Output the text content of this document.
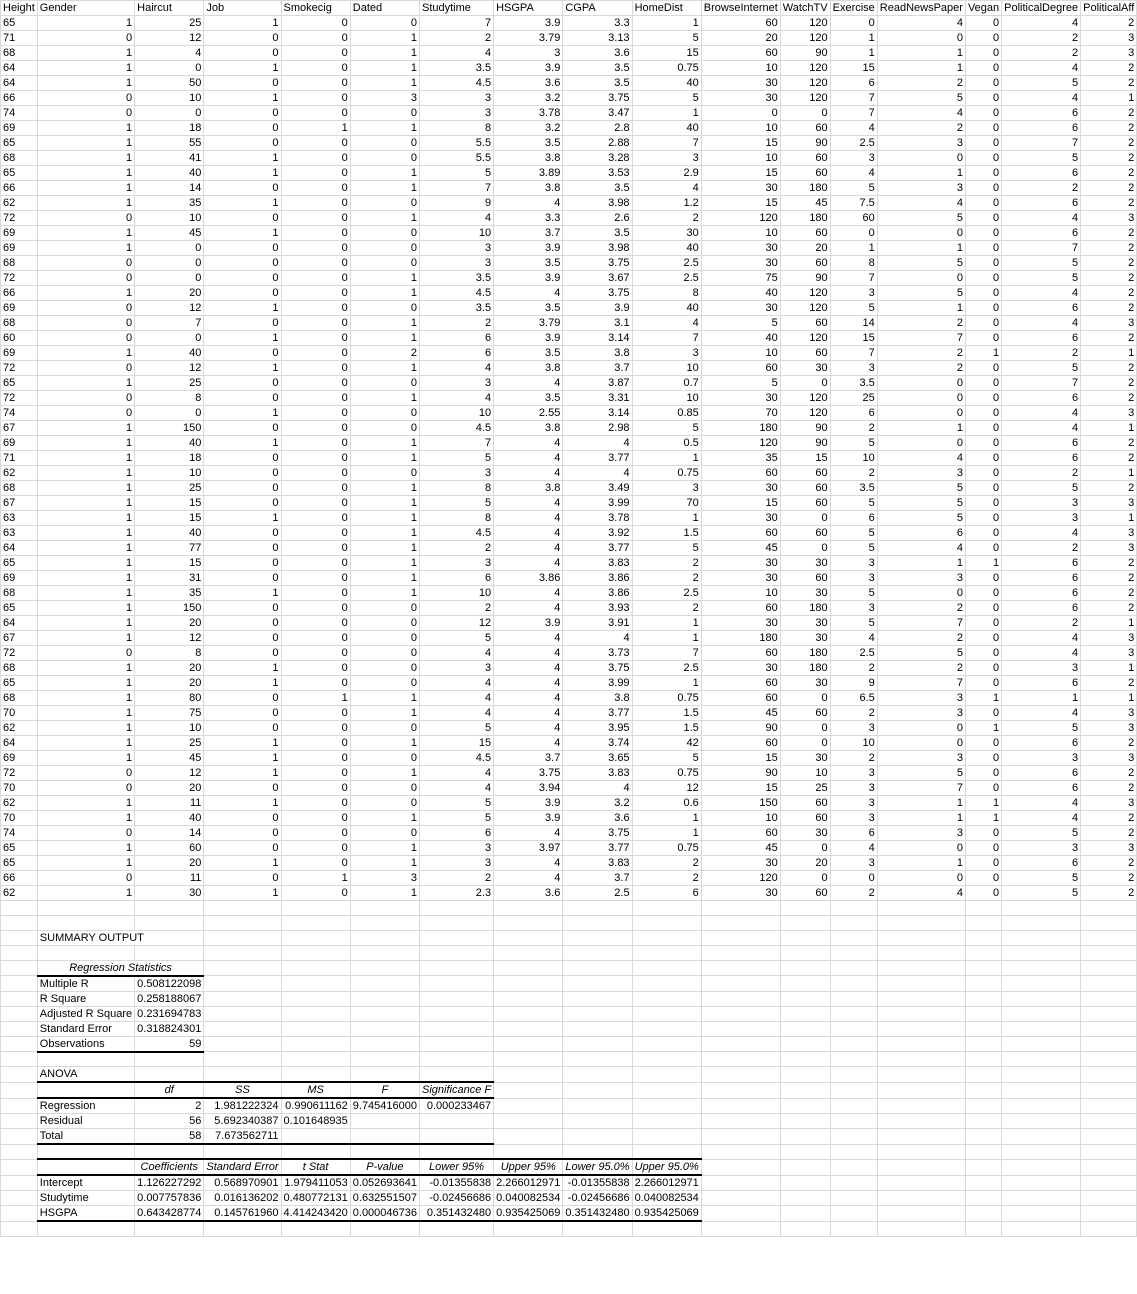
Height	Gender	Haircut	Job	Smokecig	Dated	Studytime	HSGPA	CGPA	HomeDist	BrowseInternet	WatchTV	Exercise	ReadNewsPaper	Vegan	PoliticalDegree	PoliticalAff
65	1	25	1	0	0	7	3.9	3.3	1	60	120	0	4	0	4	2
71	0	12	0	0	1	2	3.79	3.13	5	20	120	1	0	0	2	3
68	1	4	0	0	1	4	3	3.6	15	60	90	1	1	0	2	3
64	1	0	1	0	1	3.5	3.9	3.5	0.75	10	120	15	1	0	4	2
64	1	50	0	0	1	4.5	3.6	3.5	40	30	120	6	2	0	5	2
66	0	10	1	0	3	3	3.2	3.75	5	30	120	7	5	0	4	1
74	0	0	0	0	0	3	3.78	3.47	1	0	0	7	4	0	6	2
69	1	18	0	1	1	8	3.2	2.8	40	10	60	4	2	0	6	2
65	1	55	0	0	0	5.5	3.5	2.88	7	15	90	2.5	3	0	7	2
68	1	41	1	0	0	5.5	3.8	3.28	3	10	60	3	0	0	5	2
65	1	40	1	0	1	5	3.89	3.53	2.9	15	60	4	1	0	6	2
66	1	14	0	0	1	7	3.8	3.5	4	30	180	5	3	0	2	2
62	1	35	1	0	0	9	4	3.98	1.2	15	45	7.5	4	0	6	2
72	0	10	0	0	1	4	3.3	2.6	2	120	180	60	5	0	4	3
69	1	45	1	0	0	10	3.7	3.5	30	10	60	0	0	0	6	2
69	1	0	0	0	0	3	3.9	3.98	40	30	20	1	1	0	7	2
68	0	0	0	0	0	3	3.5	3.75	2.5	30	60	8	5	0	5	2
72	0	0	0	0	1	3.5	3.9	3.67	2.5	75	90	7	0	0	5	2
66	1	20	0	0	1	4.5	4	3.75	8	40	120	3	5	0	4	2
69	0	12	1	0	0	3.5	3.5	3.9	40	30	120	5	1	0	6	2
68	0	7	0	0	1	2	3.79	3.1	4	5	60	14	2	0	4	3
60	0	0	1	0	1	6	3.9	3.14	7	40	120	15	7	0	6	2
69	1	40	0	0	2	6	3.5	3.8	3	10	60	7	2	1	2	1
72	0	12	1	0	1	4	3.8	3.7	10	60	30	3	2	0	5	2
65	1	25	0	0	0	3	4	3.87	0.7	5	0	3.5	0	0	7	2
72	0	8	0	0	1	4	3.5	3.31	10	30	120	25	0	0	6	2
74	0	0	1	0	0	10	2.55	3.14	0.85	70	120	6	0	0	4	3
67	1	150	0	0	0	4.5	3.8	2.98	5	180	90	2	1	0	4	1
69	1	40	1	0	1	7	4	4	0.5	120	90	5	0	0	6	2
71	1	18	0	0	1	5	4	3.77	1	35	15	10	4	0	6	2
62	1	10	0	0	0	3	4	4	0.75	60	60	2	3	0	2	1
68	1	25	0	0	1	8	3.8	3.49	3	30	60	3.5	5	0	5	2
67	1	15	0	0	1	5	4	3.99	70	15	60	5	5	0	3	3
63	1	15	1	0	1	8	4	3.78	1	30	0	6	5	0	3	1
63	1	40	0	0	1	4.5	4	3.92	1.5	60	60	5	6	0	4	3
64	1	77	0	0	1	2	4	3.77	5	45	0	5	4	0	2	3
65	1	15	0	0	1	3	4	3.83	2	30	30	3	1	1	6	2
69	1	31	0	0	1	6	3.86	3.86	2	30	60	3	3	0	6	2
68	1	35	1	0	1	10	4	3.86	2.5	10	30	5	0	0	6	2
65	1	150	0	0	0	2	4	3.93	2	60	180	3	2	0	6	2
64	1	20	0	0	0	12	3.9	3.91	1	30	30	5	7	0	2	1
67	1	12	0	0	0	5	4	4	1	180	30	4	2	0	4	3
72	0	8	0	0	0	4	4	3.73	7	60	180	2.5	5	0	4	3
68	1	20	1	0	0	3	4	3.75	2.5	30	180	2	2	0	3	1
65	1	20	1	0	0	4	4	3.99	1	60	30	9	7	0	6	2
68	1	80	0	1	1	4	4	3.8	0.75	60	0	6.5	3	1	1	1
70	1	75	0	0	1	4	4	3.77	1.5	45	60	2	3	0	4	3
62	1	10	0	0	0	5	4	3.95	1.5	90	0	3	0	1	5	3
64	1	25	1	0	1	15	4	3.74	42	60	0	10	0	0	6	2
69	1	45	1	0	0	4.5	3.7	3.65	5	15	30	2	3	0	3	3
72	0	12	1	0	1	4	3.75	3.83	0.75	90	10	3	5	0	6	2
70	0	20	0	0	0	4	3.94	4	12	15	25	3	7	0	6	2
62	1	11	1	0	0	5	3.9	3.2	0.6	150	60	3	1	1	4	3
70	1	40	0	0	1	5	3.9	3.6	1	10	60	3	1	1	4	2
74	0	14	0	0	0	6	4	3.75	1	60	30	6	3	0	5	2
65	1	60	0	0	1	3	3.97	3.77	0.75	45	0	4	0	0	3	3
65	1	20	1	0	1	3	4	3.83	2	30	20	3	1	0	6	2
66	0	11	0	1	3	2	4	3.7	2	120	0	0	0	0	5	2
62	1	30	1	0	1	2.3	3.6	2.5	6	30	60	2	4	0	5	2

	SUMMARY OUTPUT															

	Regression Statistics															
	Multiple R	0.508122098														
	R Square	0.258188067														
	Adjusted R Square	0.231694783														
	Standard Error	0.318824301														
	Observations	59														

	ANOVA															
		df	SS	MS	F	Significance F										
	Regression	2	1.981222324	0.990611162	9.745416000	0.000233467										
	Residual	56	5.692340387	0.101648935												
	Total	58	7.673562711													

		Coefficients	Standard Error	t Stat	P-value	Lower 95%	Upper 95%	Lower 95.0%	Upper 95.0%							
	Intercept	1.126227292	0.568970901	1.979411053	0.052693641	-0.01355838	2.266012971	-0.01355838	2.266012971							
	Studytime	0.007757836	0.016136202	0.480772131	0.632551507	-0.02456686	0.040082534	-0.02456686	0.040082534							
	HSGPA	0.643428774	0.145761960	4.414243420	0.000046736	0.351432480	0.935425069	0.351432480	0.935425069							
